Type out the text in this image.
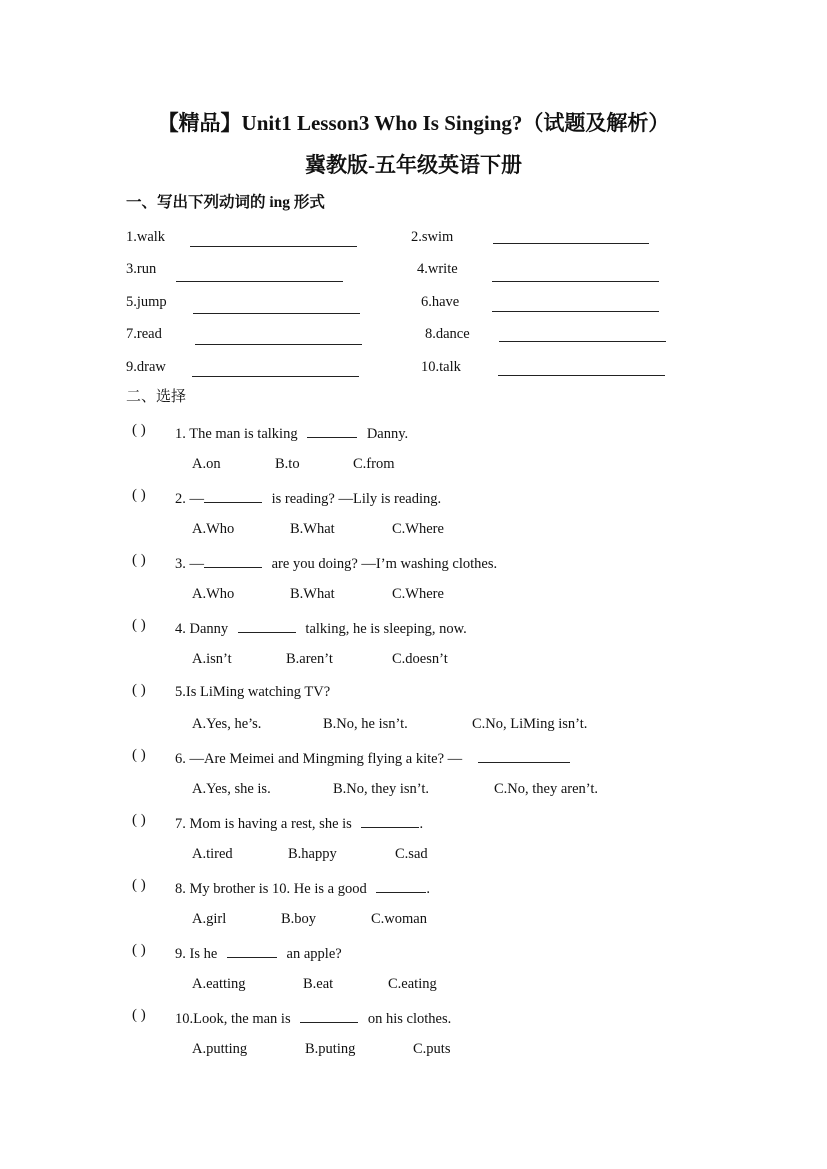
【精品】Unit1 Lesson3 Who Is Singing?（试题及解析）
冀教版-五年级英语下册
一、写出下列动词的 ing 形式
1.walk	2.swim
3.run	4.write
5.jump	6.have
7.read	8.dance
9.draw	10.talk
二、选择
( ) 1. The man is talking	Danny.
A.on	B.to	C.from
( ) 2. —	is reading? —Lily is reading.
A.Who	B.What	C.Where
( ) 3. —	are you doing? —I’m washing clothes.
A.Who	B.What	C.Where
( ) 4. Danny	talking, he is sleeping, now.
A.isn’t	B.aren’t	C.doesn’t
( ) 5.Is LiMing watching TV?
A.Yes, he’s.	B.No, he isn’t.	C.No, LiMing isn’t.
( ) 6. —Are Meimei and Mingming flying a kite? —
A.Yes, she is.	B.No, they isn’t.	C.No, they aren’t.
( ) 7. Mom is having a rest, she is	.
A.tired	B.happy	C.sad
( ) 8. My brother is 10. He is a good	.
A.girl	B.boy	C.woman
( ) 9. Is he	an apple?
A.eatting	B.eat	C.eating
( ) 10.Look, the man is	on his clothes.
A.putting	B.puting	C.puts
